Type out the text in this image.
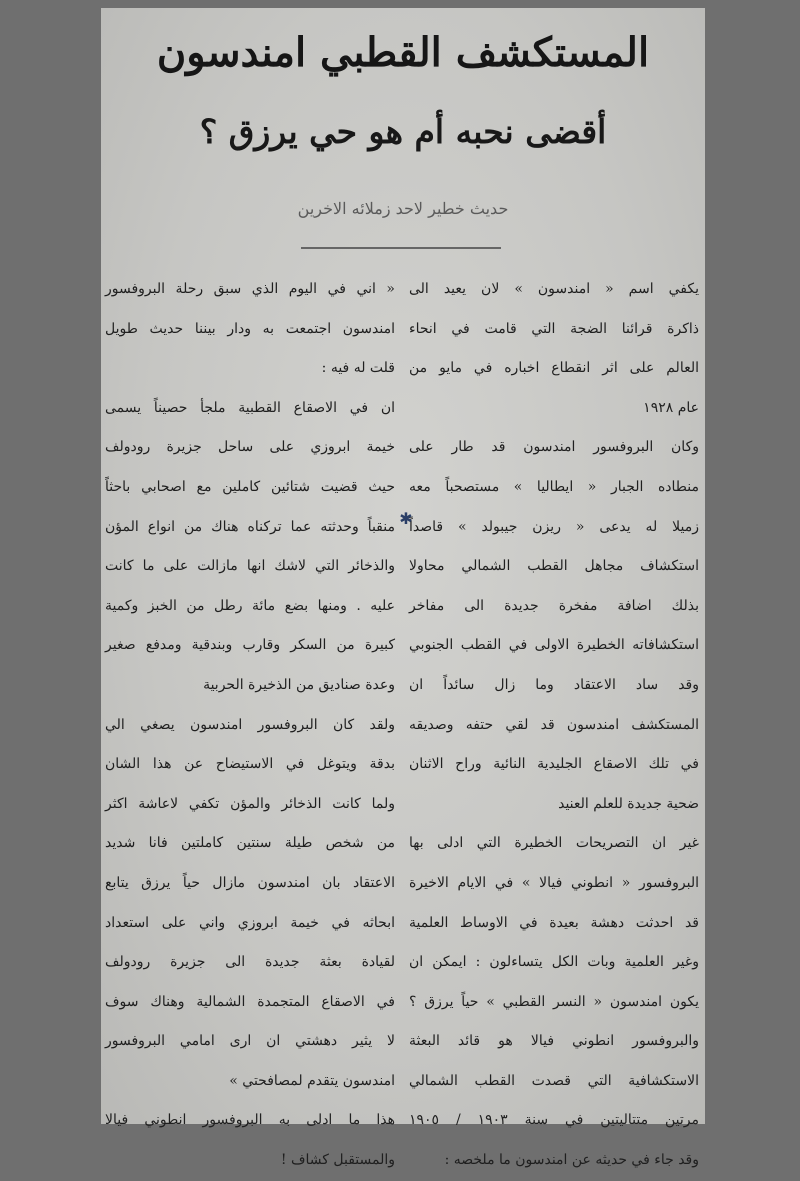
المستكشف القطبي امندسون
أقضى نحبه أم هو حي يرزق ؟
حديث خطير لاحد زملائه الاخرين
يكفي اسم « امندسون » لان يعيد الى
ذاكرة قرائنا الضجة التي قامت في انحاء
العالم على اثر انقطاع اخباره في مايو من
عام ١٩٢٨
وكان البروفسور امندسون قد طار على
منطاده الجبار « ايطاليا » مستصحباً معه
زميلا له يدعى « ريزن جيبولد » قاصداً
استكشاف مجاهل القطب الشمالي محاولا
بذلك اضافة مفخرة جديدة الى مفاخر
استكشافاته الخطيرة الاولى في القطب الجنوبي
وقد ساد الاعتقاد وما زال سائداً ان
المستكشف امندسون قد لقي حتفه وصديقه
في تلك الاصقاع الجليدية النائية وراح الاثنان
ضحية جديدة للعلم العنيد
غير ان التصريحات الخطيرة التي ادلى بها
البروفسور « انطوني فيالا » في الايام الاخيرة
قد احدثت دهشة بعيدة في الاوساط العلمية
وغير العلمية وبات الكل يتساءلون : ايمكن ان
يكون امندسون « النسر القطبي » حياً يرزق ؟
والبروفسور انطوني فيالا هو قائد البعثة
الاستكشافية التي قصدت القطب الشمالي
مرتين متتاليتين في سنة ١٩٠٣ / ١٩٠٥
وقد جاء في حديثه عن امندسون ما ملخصه :
« اني في اليوم الذي سبق رحلة البروفسور
امندسون اجتمعت به ودار بيننا حديث طويل
قلت له فيه :
ان في الاصقاع القطبية ملجأ حصيناً يسمى
خيمة ابروزي على ساحل جزيرة رودولف
حيث قضيت شتائين كاملين مع اصحابي باحثاً
منقباً وحدثته عما تركناه هناك من انواع المؤن
والذخائر التي لاشك انها مازالت على ما كانت
عليه . ومنها بضع مائة رطل من الخبز وكمية
كبيرة من السكر وقارب وبندقية ومدفع صغير
وعدة صناديق من الذخيرة الحربية
ولقد كان البروفسور امندسون يصغي الي
بدقة ويتوغل في الاستيضاح عن هذا الشان
ولما كانت الذخائر والمؤن تكفي لاعاشة اكثر
من شخص طيلة سنتين كاملتين فانا شديد
الاعتقاد بان امندسون مازال حياً يرزق يتابع
ابحاثه في خيمة ابروزي واني على استعداد
لقيادة بعثة جديدة الى جزيرة رودولف
في الاصقاع المتجمدة الشمالية وهناك سوف
لا يثير دهشتي ان ارى امامي البروفسور
امندسون يتقدم لمصافحتي »
هذا ما ادلى به البروفسور انطوني فيالا
والمستقبل كشاف !
✱
